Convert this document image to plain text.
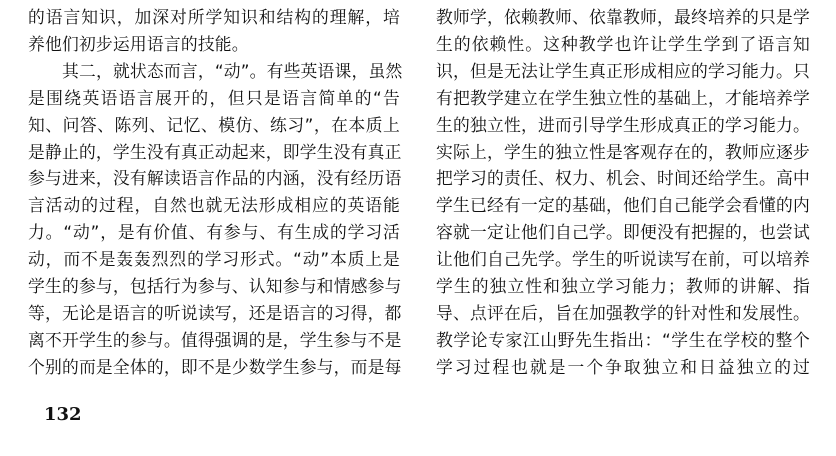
的语言知识，加深对所学知识和结构的理解，培
养他们初步运用语言的技能。
其二，就状态而言，“动”。有些英语课，虽然
是围绕英语语言展开的，但只是语言简单的“告
知、问答、陈列、记忆、模仿、练习”，在本质上
是静止的，学生没有真正动起来，即学生没有真正
参与进来，没有解读语言作品的内涵，没有经历语
言活动的过程，自然也就无法形成相应的英语能
力。“动”，是有价值、有参与、有生成的学习活
动，而不是轰轰烈烈的学习形式。“动”本质上是
学生的参与，包括行为参与、认知参与和情感参与
等，无论是语言的听说读写，还是语言的习得，都
离不开学生的参与。值得强调的是，学生参与不是
个别的而是全体的，即不是少数学生参与，而是每
教师学，依赖教师、依靠教师，最终培养的只是学
生的依赖性。这种教学也许让学生学到了语言知
识，但是无法让学生真正形成相应的学习能力。只
有把教学建立在学生独立性的基础上，才能培养学
生的独立性，进而引导学生形成真正的学习能力。
实际上，学生的独立性是客观存在的，教师应逐步
把学习的责任、权力、机会、时间还给学生。高中
学生已经有一定的基础，他们自己能学会看懂的内
容就一定让他们自己学。即便没有把握的，也尝试
让他们自己先学。学生的听说读写在前，可以培养
学生的独立性和独立学习能力；教师的讲解、指
导、点评在后，旨在加强教学的针对性和发展性。
教学论专家江山野先生指出：“学生在学校的整个
学习过程也就是一个争取独立和日益独立的过
132
